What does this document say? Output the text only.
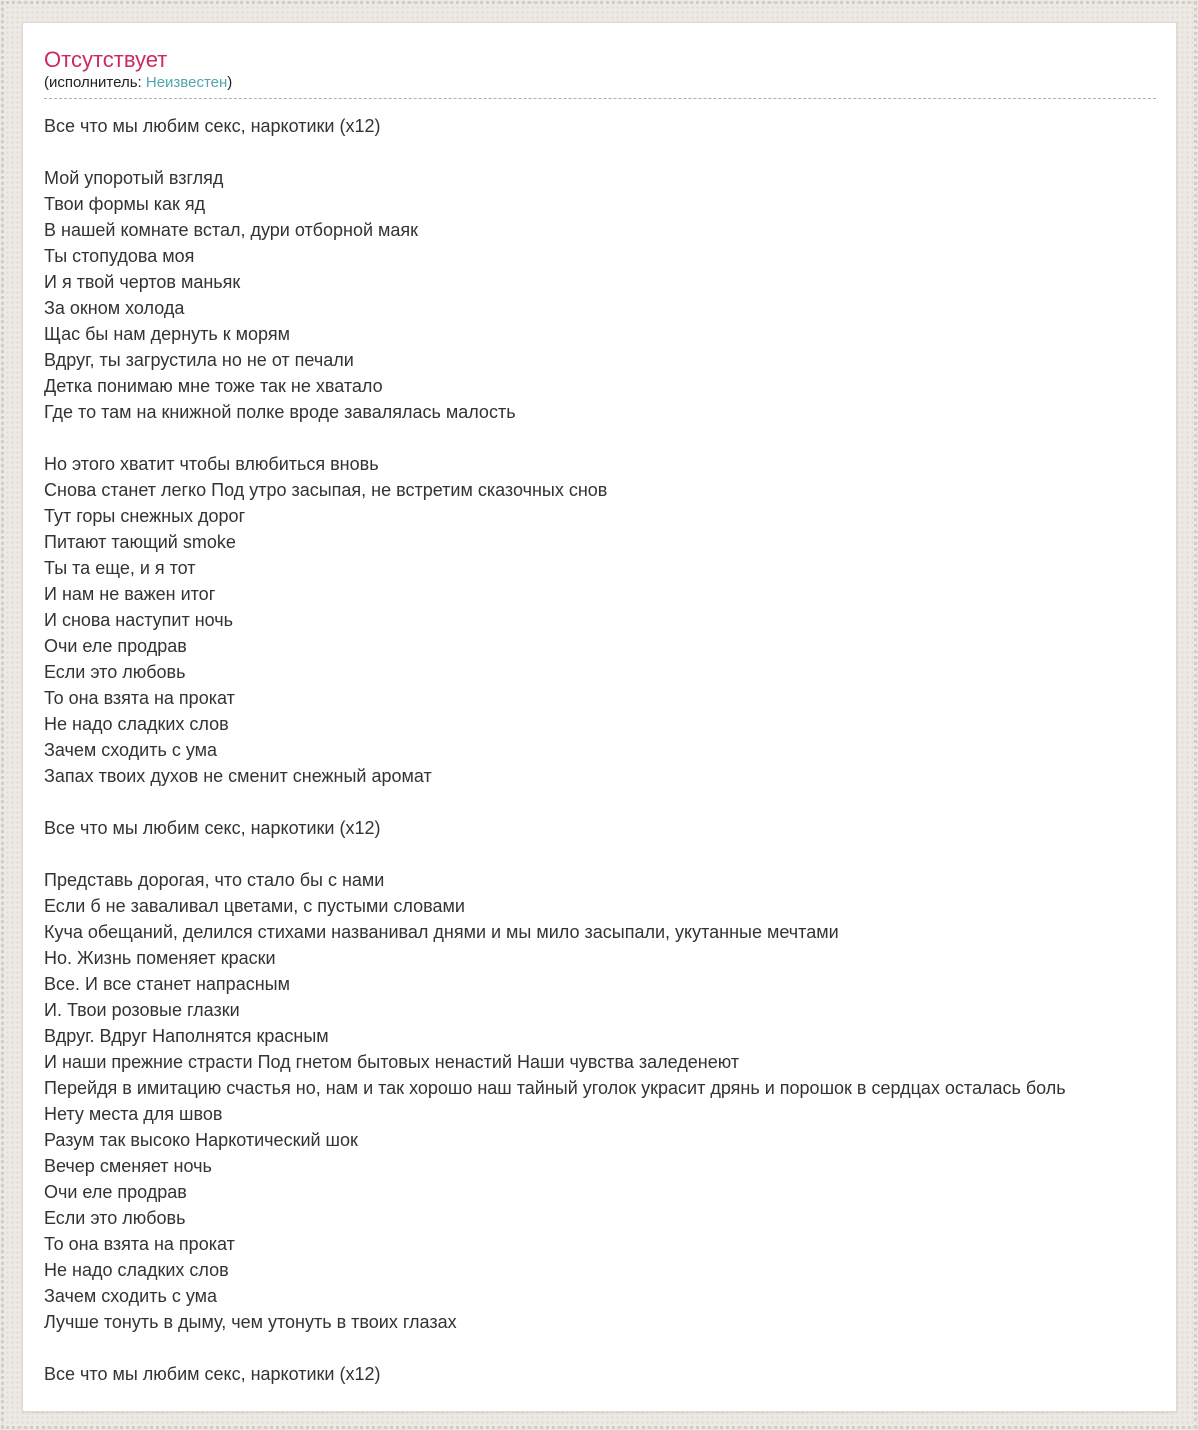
Отсутствует
(исполнитель: Неизвестен)
Все что мы любим секс, наркотики (х12)

Мой упоротый взгляд
Твои формы как яд
В нашей комнате встал, дури отборной маяк
Ты стопудова моя
И я твой чертов маньяк
За окном холода
Щас бы нам дернуть к морям
Вдруг, ты загрустила но не от печали
Детка понимаю мне тоже так не хватало
Где то там на книжной полке вроде завалялась малость

Но этого хватит чтобы влюбиться вновь
Снова станет легко Под утро засыпая, не встретим сказочных снов
Тут горы снежных дорог
Питают тающий smoke
Ты та еще, и я тот
И нам не важен итог
И снова наступит ночь
Очи еле продрав
Если это любовь
То она взята на прокат
Не надо сладких слов
Зачем сходить с ума
Запах твоих духов не сменит снежный аромат

Все что мы любим секс, наркотики (х12)

Представь дорогая, что стало бы с нами
Если б не заваливал цветами, с пустыми словами
Куча обещаний, делился стихами названивал днями и мы мило засыпали, укутанные мечтами
Но. Жизнь поменяет краски
Все. И все станет напрасным
И. Твои розовые глазки
Вдруг. Вдруг Наполнятся красным
И наши прежние страсти Под гнетом бытовых ненастий Наши чувства заледенеют
Перейдя в имитацию счастья но, нам и так хорошо наш тайный уголок украсит дрянь и порошок в сердцах осталась боль
Нету места для швов
Разум так высоко Наркотический шок
Вечер сменяет ночь
Очи еле продрав
Если это любовь
То она взята на прокат
Не надо сладких слов
Зачем сходить с ума
Лучше тонуть в дыму, чем утонуть в твоих глазах

Все что мы любим секс, наркотики (х12)
